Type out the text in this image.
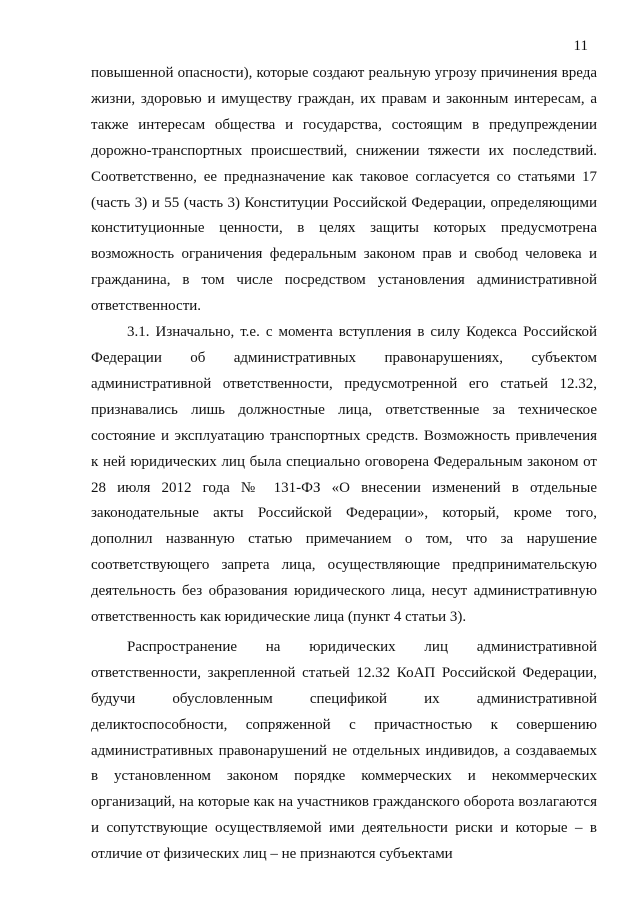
11

повышенной опасности), которые создают реальную угрозу причинения вреда жизни, здоровью и имуществу граждан, их правам и законным интересам, а также интересам общества и государства, состоящим в предупреждении дорожно-транспортных происшествий, снижении тяжести их последствий. Соответственно, ее предназначение как таковое согласуется со статьями 17 (часть 3) и 55 (часть 3) Конституции Российской Федерации, определяющими конституционные ценности, в целях защиты которых предусмотрена возможность ограничения федеральным законом прав и свобод человека и гражданина, в том числе посредством установления административной ответственности.

3.1. Изначально, т.е. с момента вступления в силу Кодекса Российской Федерации об административных правонарушениях, субъектом административной ответственности, предусмотренной его статьей 12.32, признавались лишь должностные лица, ответственные за техническое состояние и эксплуатацию транспортных средств. Возможность привлечения к ней юридических лиц была специально оговорена Федеральным законом от 28 июля 2012 года № 131-ФЗ «О внесении изменений в отдельные законодательные акты Российской Федерации», который, кроме того, дополнил названную статью примечанием о том, что за нарушение соответствующего запрета лица, осуществляющие предпринимательскую деятельность без образования юридического лица, несут административную ответственность как юридические лица (пункт 4 статьи 3).

Распространение на юридических лиц административной ответственности, закрепленной статьей 12.32 КоАП Российской Федерации, будучи обусловленным спецификой их административной деликтоспособности, сопряженной с причастностью к совершению административных правонарушений не отдельных индивидов, а создаваемых в установленном законом порядке коммерческих и некоммерческих организаций, на которые как на участников гражданского оборота возлагаются и сопутствующие осуществляемой ими деятельности риски и которые – в отличие от физических лиц – не признаются субъектами
